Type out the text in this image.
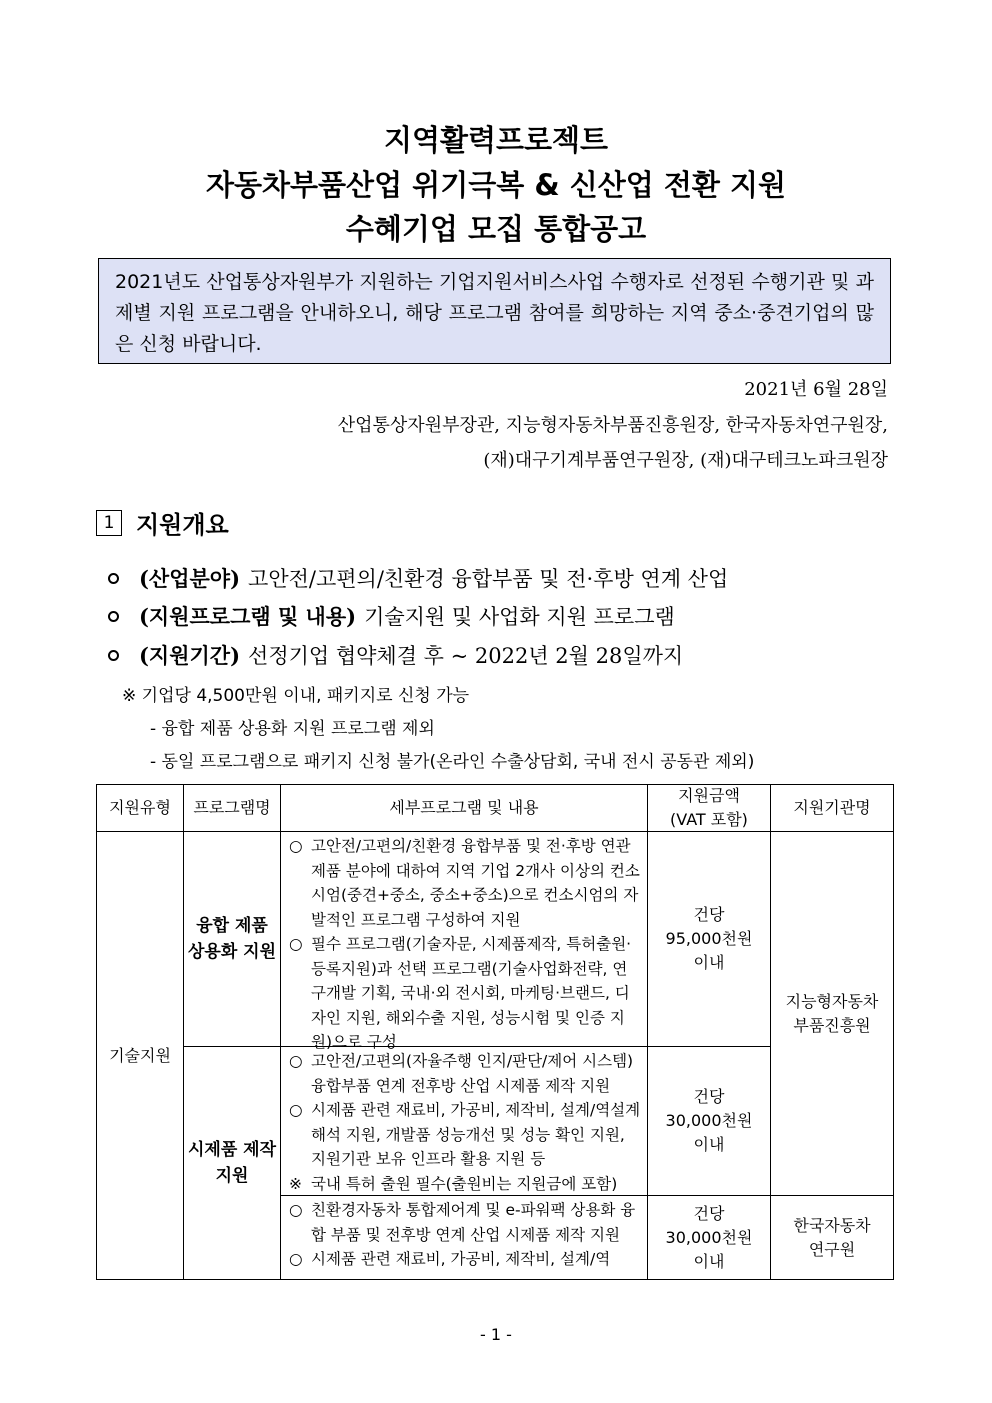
지역활력프로젝트
자동차부품산업 위기극복 & 신산업 전환 지원
수혜기업 모집 통합공고
2021년도 산업통상자원부가 지원하는 기업지원서비스사업 수행자로 선정된 수행기관 및 과제별 지원 프로그램을 안내하오니, 해당 프로그램 참여를 희망하는 지역 중소·중견기업의 많은 신청 바랍니다.
2021년 6월 28일
산업통상자원부장관, 지능형자동차부품진흥원장, 한국자동차연구원장,
(재)대구기계부품연구원장, (재)대구테크노파크원장
1 지원개요
(산업분야) 고안전/고편의/친환경 융합부품 및 전·후방 연계 산업
(지원프로그램 및 내용) 기술지원 및 사업화 지원 프로그램
(지원기간) 선정기업 협약체결 후 ~ 2022년 2월 28일까지
※ 기업당 4,500만원 이내, 패키지로 신청 가능
- 융합 제품 상용화 지원 프로그램 제외
- 동일 프로그램으로 패키지 신청 불가(온라인 수출상담회, 국내 전시 공동관 제외)
지원유형	프로그램명	세부프로그램 및 내용
지원금액
(VAT 포함)
지원기관명
기술지원
융합 제품
상용화 지원
○ 고안전/고편의/친환경 융합부품 및 전·후방 연관제품 분야에 대하여 지역 기업 2개사 이상의 컨소시엄(중견+중소, 중소+중소)으로 컨소시엄의 자발적인 프로그램 구성하여 지원
○ 필수 프로그램(기술자문, 시제품제작, 특허출원·등록지원)과 선택 프로그램(기술사업화전략, 연구개발 기획, 국내·외 전시회, 마케팅·브랜드, 디자인 지원, 해외수출 지원, 성능시험 및 인증 지원)으로 구성
건당
95,000천원
이내
시제품 제작
지원
○ 고안전/고편의(자율주행 인지/판단/제어 시스템) 융합부품 연계 전후방 산업 시제품 제작 지원
○ 시제품 관련 재료비, 가공비, 제작비, 설계/역설계 해석 지원, 개발품 성능개선 및 성능 확인 지원, 지원기관 보유 인프라 활용 지원 등
※ 국내 특허 출원 필수(출원비는 지원금에 포함)
건당
30,000천원
이내
지능형자동차
부품진흥원
○ 친환경자동차 통합제어계 및 e-파워팩 상용화 융합 부품 및 전후방 연계 산업 시제품 제작 지원
○ 시제품 관련 재료비, 가공비, 제작비, 설계/역
건당
30,000천원
이내
한국자동차
연구원
- 1 -
